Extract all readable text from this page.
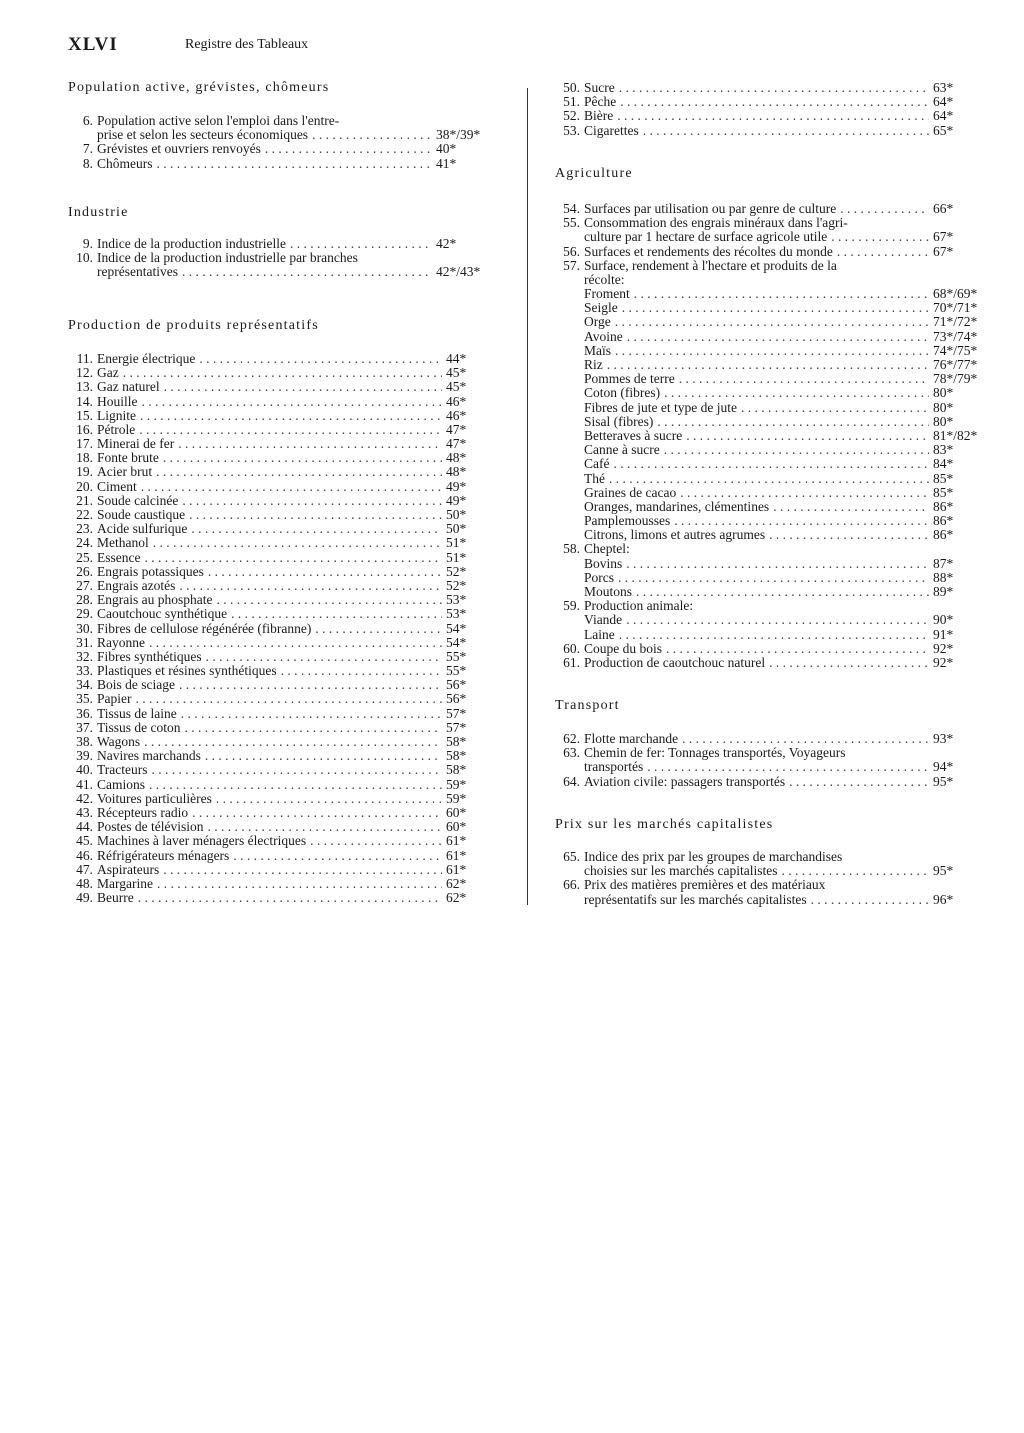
XLVI	Registre des Tableaux
Population active, grévistes, chômeurs
6. Population active selon l'emploi dans l'entre-
prise et selon les secteurs économiques . . .	38*/39*
7. Grévistes et ouvriers renvoyés . . .	40*
8. Chômeurs . . .	41*
Industrie
9. Indice de la production industrielle . . .	42*
10. Indice de la production industrielle par branches
représentatives . . .	42*/43*
Production de produits représentatifs
11. Energie électrique . . .	44*
12. Gaz . . .	45*
13. Gaz naturel . . .	45*
14. Houille . . .	46*
15. Lignite . . .	46*
16. Pétrole . . .	47*
17. Minerai de fer . . .	47*
18. Fonte brute . . .	48*
19. Acier brut . . .	48*
20. Ciment . . .	49*
21. Soude calcinée . . .	49*
22. Soude caustique . . .	50*
23. Acide sulfurique . . .	50*
24. Methanol . . .	51*
25. Essence . . .	51*
26. Engrais potassiques . . .	52*
27. Engrais azotés . . .	52*
28. Engrais au phosphate . . .	53*
29. Caoutchouc synthétique . . .	53*
30. Fibres de cellulose régénérée (fibranne) . . .	54*
31. Rayonne . . .	54*
32. Fibres synthétiques . . .	55*
33. Plastiques et résines synthétiques . . .	55*
34. Bois de sciage . . .	56*
35. Papier . . .	56*
36. Tissus de laine . . .	57*
37. Tissus de coton . . .	57*
38. Wagons . . .	58*
39. Navires marchands . . .	58*
40. Tracteurs . . .	58*
41. Camions . . .	59*
42. Voitures particulières . . .	59*
43. Récepteurs radio . . .	60*
44. Postes de télévision . . .	60*
45. Machines à laver ménagers électriques . . .	61*
46. Réfrigérateurs ménagers . . .	61*
47. Aspirateurs . . .	61*
48. Margarine . . .	62*
49. Beurre . . .	62*
50. Sucre . . .	63*
51. Pêche . . .	64*
52. Bière . . .	64*
53. Cigarettes . . .	65*
Agriculture
54. Surfaces par utilisation ou par genre de culture . . .	66*
55. Consommation des engrais minéraux dans l'agri-
culture par 1 hectare de surface agricole utile . . .	67*
56. Surfaces et rendements des récoltes du monde . . .	67*
57. Surface, rendement à l'hectare et produits de la
récolte:
Froment . . .	68*/69*
Seigle . . .	70*/71*
Orge . . .	71*/72*
Avoine . . .	73*/74*
Maïs . . .	74*/75*
Riz . . .	76*/77*
Pommes de terre . . .	78*/79*
Coton (fibres) . . .	80*
Fibres de jute et type de jute . . .	80*
Sisal (fibres) . . .	80*
Betteraves à sucre . . .	81*/82*
Canne à sucre . . .	83*
Café . . .	84*
Thé . . .	85*
Graines de cacao . . .	85*
Oranges, mandarines, clémentines . . .	86*
Pamplemousses . . .	86*
Citrons, limons et autres agrumes . . .	86*
58. Cheptel:
Bovins . . .	87*
Porcs . . .	88*
Moutons . . .	89*
59. Production animale:
Viande . . .	90*
Laine . . .	91*
60. Coupe du bois . . .	92*
61. Production de caoutchouc naturel . . .	92*
Transport
62. Flotte marchande . . .	93*
63. Chemin de fer: Tonnages transportés, Voyageurs
transportés . . .	94*
64. Aviation civile: passagers transportés . . .	95*
Prix sur les marchés capitalistes
65. Indice des prix par les groupes de marchandises
choisies sur les marchés capitalistes . . .	95*
66. Prix des matières premières et des matériaux
représentatifs sur les marchés capitalistes . . .	96*
